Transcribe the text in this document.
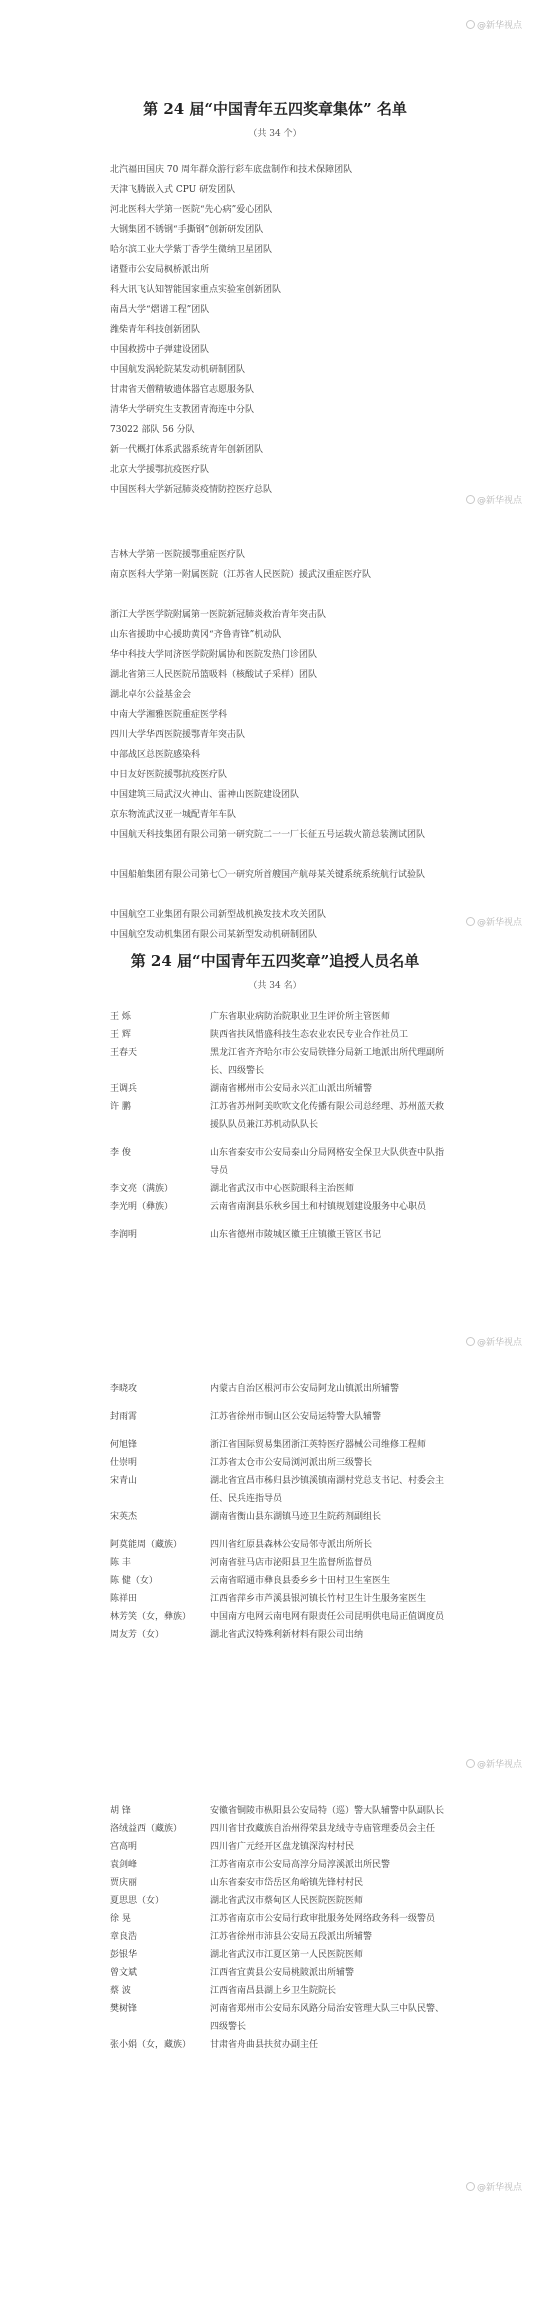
@新华视点
@新华视点
@新华视点
@新华视点
@新华视点
@新华视点
第 24 届“中国青年五四奖章集体” 名单

（共 34 个）

北汽福田国庆 70 周年群众游行彩车底盘制作和技术保障团队
天津飞腾嵌入式 CPU 研发团队
河北医科大学第一医院“先心病”爱心团队
大钢集团不锈钢“手撕钢”创新研发团队
哈尔滨工业大学紫丁香学生微纳卫星团队
诸暨市公安局枫桥派出所
科大讯飞认知智能国家重点实验室创新团队
南昌大学“熠谱工程”团队
潍柴青年科技创新团队
中国救捞中子弹建设团队
中国航发涡轮院某发动机研制团队
甘肃省天僧精敏遗体器官志愿服务队
清华大学研究生支教团青海连中分队
73022 部队 56 分队
新一代概打体系武器系统青年创新团队
北京大学援鄂抗疫医疗队
中国医科大学新冠肺炎疫情防控医疗总队
吉林大学第一医院援鄂重症医疗队
南京医科大学第一附属医院（江苏省人民医院）援武汉重症医疗队
浙江大学医学院附属第一医院新冠肺炎救治青年突击队
山东省援助中心援助黄冈“齐鲁青锋”机动队
华中科技大学同济医学院附属协和医院发热门诊团队
湖北省第三人民医院吊篮吸料（核酸试子采样）团队
湖北卓尔公益基金会
中南大学湘雅医院重症医学科
四川大学华西医院援鄂青年突击队
中部战区总医院感染科
中日友好医院援鄂抗疫医疗队
中国建筑三局武汉火神山、雷神山医院建设团队
京东物流武汉亚一城配青年车队
中国航天科技集团有限公司第一研究院二一一厂长征五号运载火箭总装测试团队
中国船舶集团有限公司第七〇一研究所首艘国产航母某关键系统系统航行试验队
中国航空工业集团有限公司新型战机换发技术攻关团队
中国航空发动机集团有限公司某新型发动机研制团队
第 24 届“中国青年五四奖章”追授人员名单

（共 34 名）

王 烁	广东省职业病防治院职业卫生评价所主管医师
王 辉	陕西省扶风惜盛科技生态农业农民专业合作社员工
王春天	黑龙江省齐齐哈尔市公安局铁锋分局新工地派出所代理副所长、四级警长
王调兵	湖南省郴州市公安局永兴汇山派出所辅警
许 鹏	江苏省苏州阿美吹吹文化传播有限公司总经理、苏州蓝天救援队队员兼江苏机动队队长
李 俊	山东省泰安市公安局泰山分局网格安全保卫大队供查中队指导员
李文亮（满族）	湖北省武汉市中心医院眼科主治医师
李光明（彝族）	云南省南涧县乐秋乡国土和村镇规划建设服务中心职员
李润明	山东省德州市陵城区徽王庄镇徽王管区书记
李晓攻	内蒙古自治区根河市公安局阿龙山镇派出所辅警
封雨霄	江苏省徐州市铜山区公安局运特警大队辅警
何旭锋	浙江省国际贸易集团浙江英特医疗器械公司维修工程师
仕崇明	江苏省太仓市公安局浏河派出所三级警长
宋青山	湖北省宜昌市秭归县沙镇溪镇南湖村党总支书记、村委会主任、民兵连指导员
宋英杰	湖南省衡山县东湖镇马迹卫生院药剂副组长
阿莫能周（藏族）	四川省红原县森林公安局邻寺派出所所长
陈 丰	河南省驻马店市泌阳县卫生监督所监督员
陈 健（女）	云南省昭通市彝良县委乡乡十田村卫生室医生
陈祥田	江西省萍乡市芦溪县银河镇长竹村卫生计生服务室医生
林芳笑（女，彝族）	中国南方电网云南电网有限责任公司昆明供电局正值调度员
周友芳（女）	湖北省武汉特殊利新材料有限公司出纳
胡 锋	安徽省铜陵市枞阳县公安局特（巡）警大队辅警中队副队长
洛绒益西（藏族）	四川省甘孜藏族自治州得荣县龙绒寺寺庙管理委员会主任
宫高明	四川省广元经开区盘龙镇深沟村村民
袁剑峰	江苏省南京市公安局高淳分局淳溪派出所民警
贾庆丽	山东省泰安市岱岳区角峪镇先锋村村民
夏思思（女）	湖北省武汉市蔡甸区人民医院医院医师
徐 晃	江苏省南京市公安局行政审批服务处网络政务科一级警员
章良浩	江苏省徐州市沛县公安局五段派出所辅警
彭银华	湖北省武汉市江夏区第一人民医院医师
曾文斌	江西省宜黄县公安局桃陂派出所辅警
蔡 波	江西省南昌县湖上乡卫生院院长
樊树锋	河南省郑州市公安局东风路分局治安管理大队三中队民警、四级警长
张小娟（女，藏族）	甘肃省舟曲县扶贫办副主任
